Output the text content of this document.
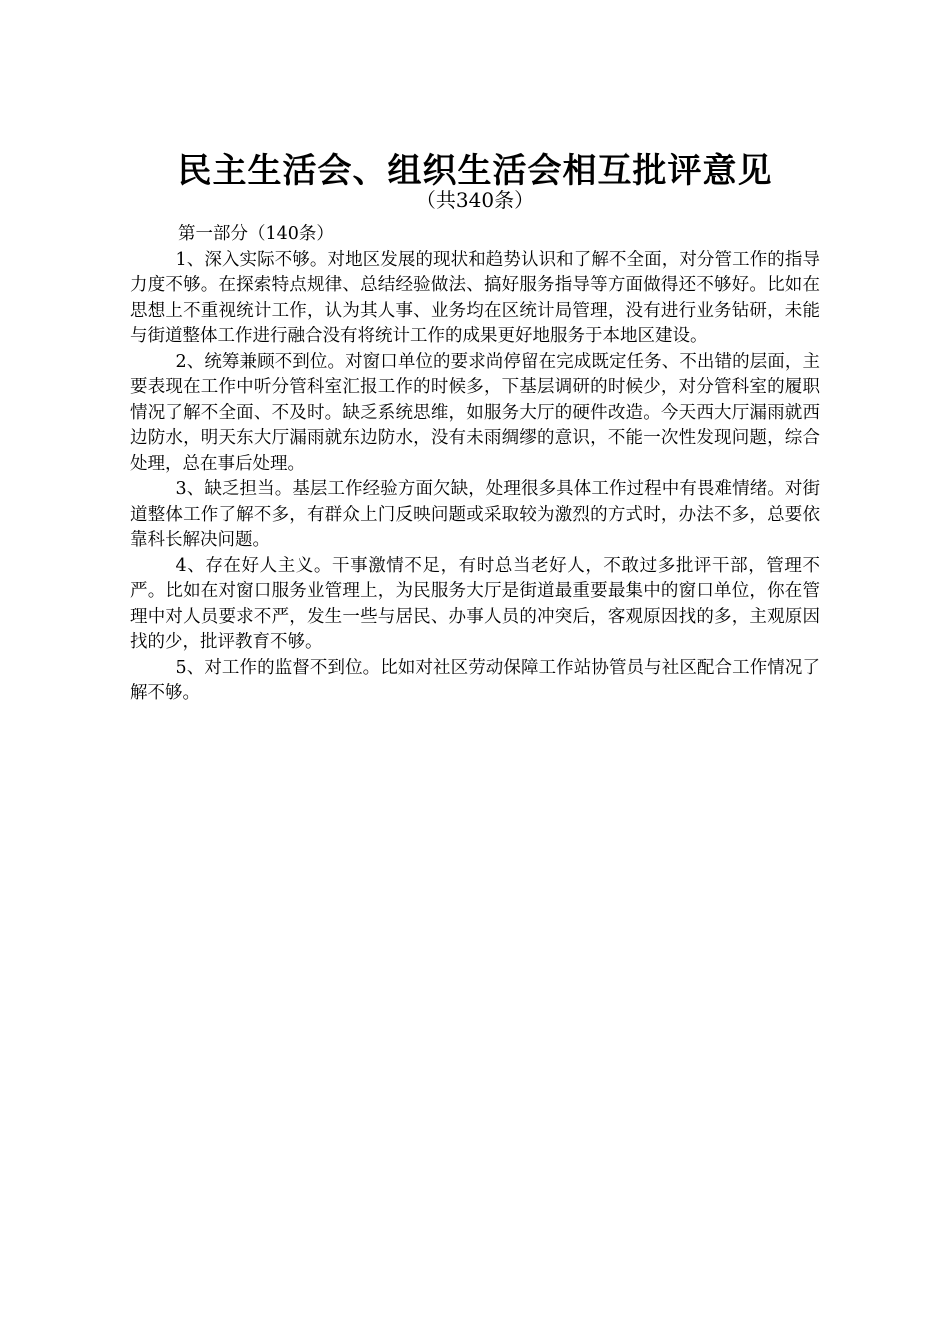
民主生活会、组织生活会相互批评意见
（共340条）

第一部分（140条）

1、深入实际不够。对地区发展的现状和趋势认识和了解不全面，对分管工作的指导力度不够。在探索特点规律、总结经验做法、搞好服务指导等方面做得还不够好。比如在思想上不重视统计工作，认为其人事、业务均在区统计局管理，没有进行业务钻研，未能与街道整体工作进行融合没有将统计工作的成果更好地服务于本地区建设。

2、统筹兼顾不到位。对窗口单位的要求尚停留在完成既定任务、不出错的层面，主要表现在工作中听分管科室汇报工作的时候多，下基层调研的时候少，对分管科室的履职情况了解不全面、不及时。缺乏系统思维，如服务大厅的硬件改造。今天西大厅漏雨就西边防水，明天东大厅漏雨就东边防水，没有未雨绸缪的意识，不能一次性发现问题，综合处理，总在事后处理。

3、缺乏担当。基层工作经验方面欠缺，处理很多具体工作过程中有畏难情绪。对街道整体工作了解不多，有群众上门反映问题或采取较为激烈的方式时，办法不多，总要依靠科长解决问题。

4、存在好人主义。干事激情不足，有时总当老好人，不敢过多批评干部，管理不严。比如在对窗口服务业管理上，为民服务大厅是街道最重要最集中的窗口单位，你在管理中对人员要求不严，发生一些与居民、办事人员的冲突后，客观原因找的多，主观原因找的少，批评教育不够。

5、对工作的监督不到位。比如对社区劳动保障工作站协管员与社区配合工作情况了解不够。
